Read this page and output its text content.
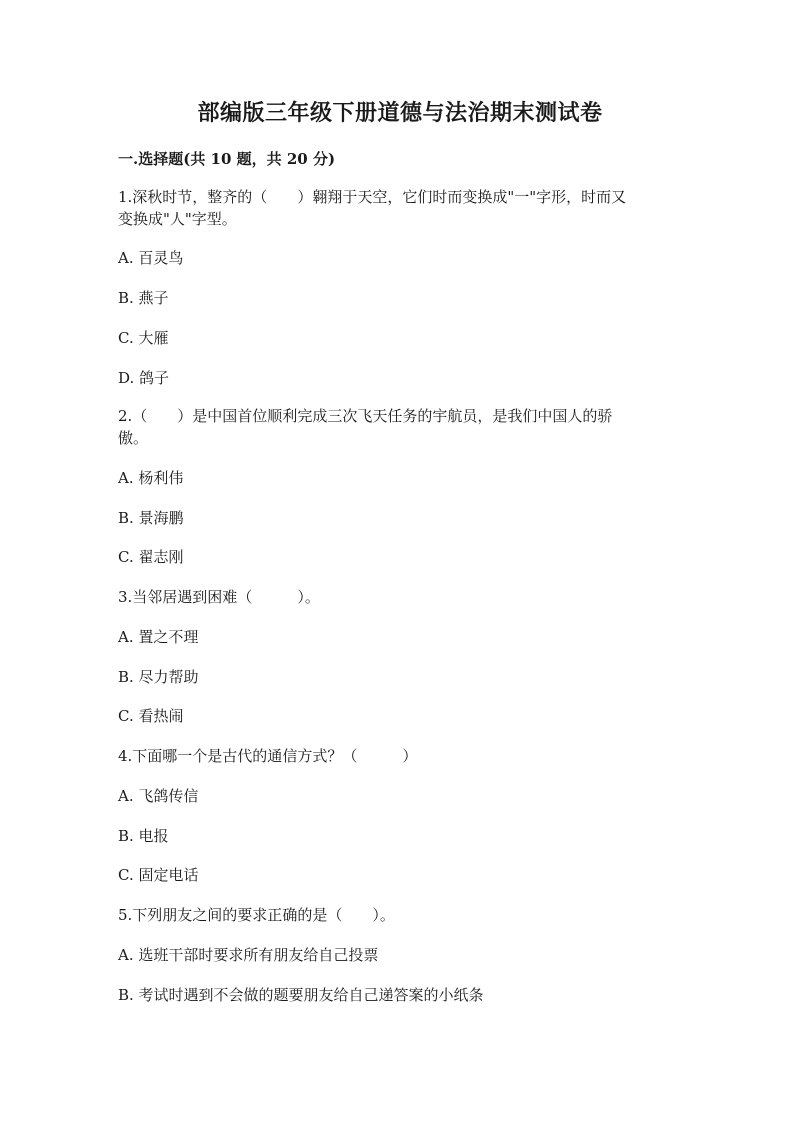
部编版三年级下册道德与法治期末测试卷
一.选择题(共 10 题，共 20 分)

1.深秋时节，整齐的（　　）翱翔于天空，它们时而变换成"一"字形，时而又

变换成"人"字型。

A. 百灵鸟

B. 燕子

C. 大雁

D. 鸽子

2.（　　）是中国首位顺利完成三次飞天任务的宇航员，是我们中国人的骄

傲。

A. 杨利伟

B. 景海鹏

C. 翟志刚

3.当邻居遇到困难（　　　）。

A. 置之不理

B. 尽力帮助

C. 看热闹

4.下面哪一个是古代的通信方式？（　　　）

A. 飞鸽传信

B. 电报

C. 固定电话

5.下列朋友之间的要求正确的是（　　）。

A. 选班干部时要求所有朋友给自己投票

B. 考试时遇到不会做的题要朋友给自己递答案的小纸条
